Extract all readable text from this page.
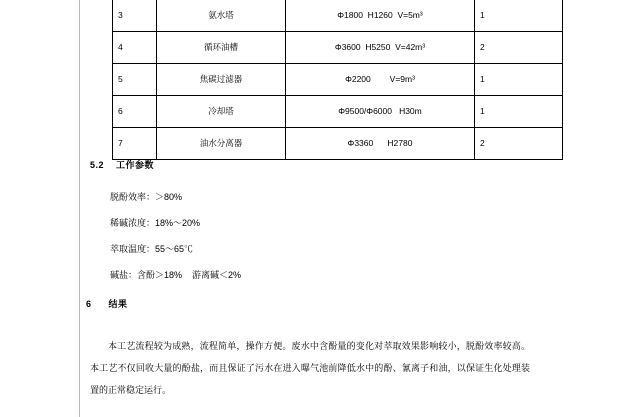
3	氨水塔	Φ1800  H1260  V=5m³	1
4	循环油槽	Φ3600  H5250  V=42m³	2
5	焦碳过滤器	Φ2200        V=9m³	1
6	冷却塔	Φ9500/Φ6000   H30m	1
7	油水分离器	Φ3360      H2780	2
5.2 工作参数
脱酚效率：＞80%
稀碱浓度：18%～20%
萃取温度：55～65℃
碱盐：含酚＞18%    游离碱＜2%
6 结果
本工艺流程较为成熟，流程简单，操作方便。废水中含酚量的变化对萃取效果影响较小，脱酚效率较高。本工艺不仅回收大量的酚盐，而且保证了污水在进入曝气池前降低水中的酚、氰离子和油，以保证生化处理装置的正常稳定运行。
